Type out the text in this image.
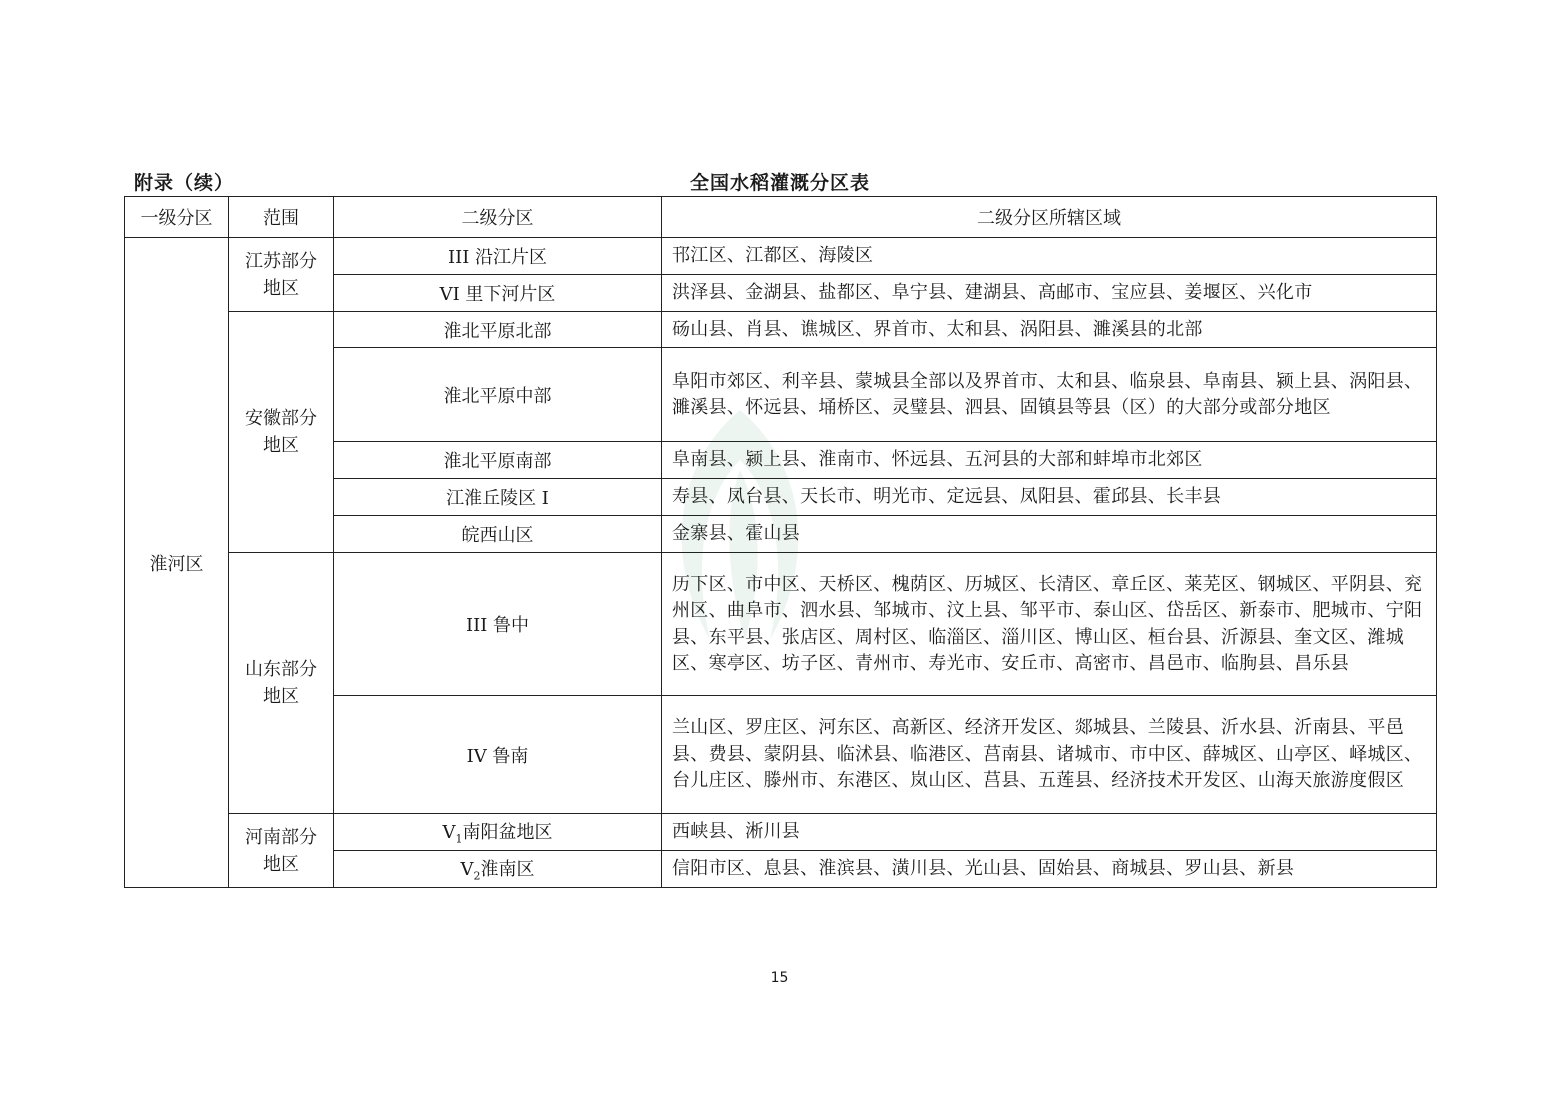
附录（续）	全国水稻灌溉分区表
一级分区	范围	二级分区	二级分区所辖区域
淮河区	江苏部分地区	III 沿江片区	邗江区、江都区、海陵区
		VI 里下河片区	洪泽县、金湖县、盐都区、阜宁县、建湖县、高邮市、宝应县、姜堰区、兴化市

	安徽部分地区	淮北平原北部	砀山县、肖县、谯城区、界首市、太和县、涡阳县、濉溪县的北部
		淮北平原中部	阜阳市郊区、利辛县、蒙城县全部以及界首市、太和县、临泉县、阜南县、颍上县、涡阳县、濉溪县、怀远县、埇桥区、灵璧县、泗县、固镇县等县（区）的大部分或部分地区
		淮北平原南部	阜南县、颍上县、淮南市、怀远县、五河县的大部和蚌埠市北郊区
		江淮丘陵区 I	寿县、凤台县、天长市、明光市、定远县、凤阳县、霍邱县、长丰县
		皖西山区	金寨县、霍山县

	山东部分地区	III 鲁中	历下区、市中区、天桥区、槐荫区、历城区、长清区、章丘区、莱芜区、钢城区、平阴县、兖州区、曲阜市、泗水县、邹城市、汶上县、邹平市、泰山区、岱岳区、新泰市、肥城市、宁阳县、东平县、张店区、周村区、临淄区、淄川区、博山区、桓台县、沂源县、奎文区、潍城区、寒亭区、坊子区、青州市、寿光市、安丘市、高密市、昌邑市、临朐县、昌乐县
		IV 鲁南	兰山区、罗庄区、河东区、高新区、经济开发区、郯城县、兰陵县、沂水县、沂南县、平邑县、费县、蒙阴县、临沭县、临港区、莒南县、诸城市、市中区、薛城区、山亭区、峄城区、台儿庄区、滕州市、东港区、岚山区、莒县、五莲县、经济技术开发区、山海天旅游度假区

	河南部分地区	$V_1$南阳盆地区	西峡县、淅川县
		$V_2$淮南区	信阳市区、息县、淮滨县、潢川县、光山县、固始县、商城县、罗山县、新县
15
